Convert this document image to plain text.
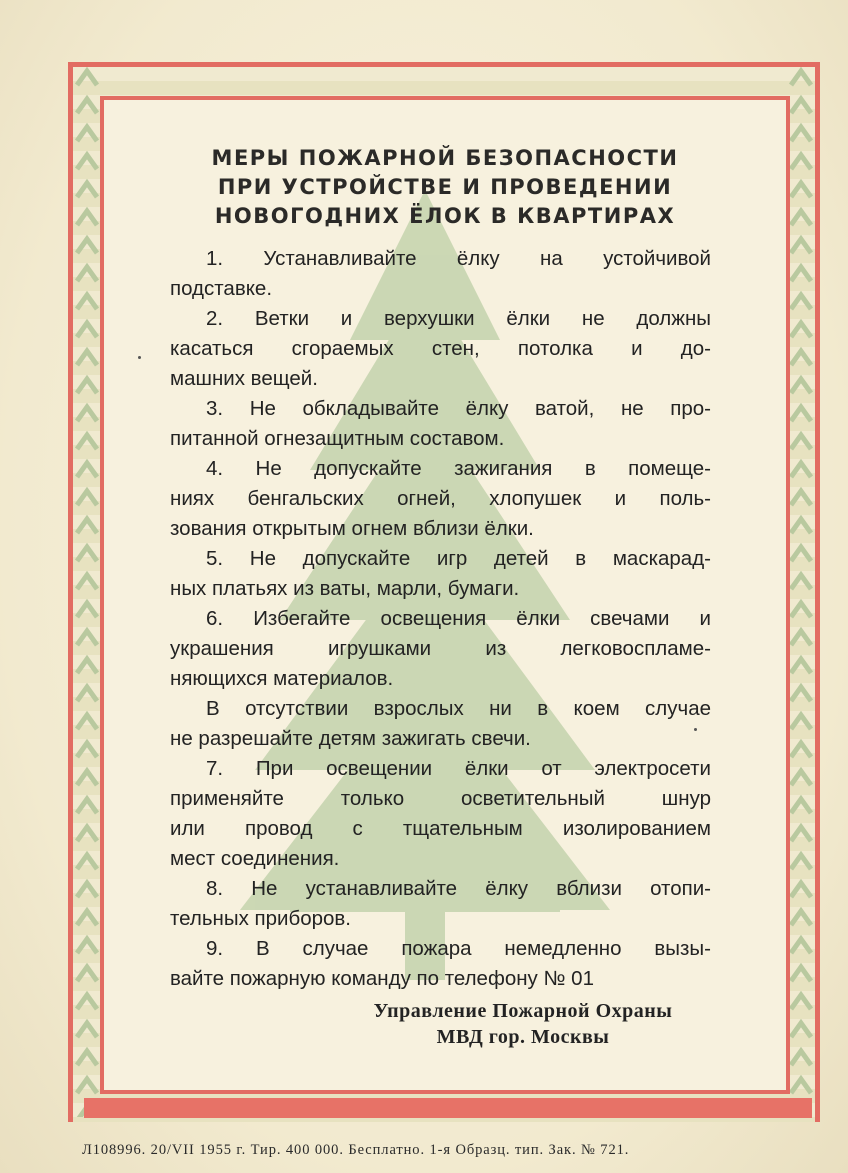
МЕРЫ ПОЖАРНОЙ БЕЗОПАСНОСТИ
ПРИ УСТРОЙСТВЕ И ПРОВЕДЕНИИ
НОВОГОДНИХ ЁЛОК В КВАРТИРАХ
1. Устанавливайте ёлку на устойчивой
подставке.
2. Ветки и верхушки ёлки не должны
касаться сгораемых стен, потолка и до-
машних вещей.
3. Не обкладывайте ёлку ватой, не про-
питанной огнезащитным составом.
4. Не допускайте зажигания в помеще-
ниях бенгальских огней, хлопушек и поль-
зования открытым огнем вблизи ёлки.
5. Не допускайте игр детей в маскарад-
ных платьях из ваты, марли, бумаги.
6. Избегайте освещения ёлки свечами и
украшения игрушками из легковоспламе-
няющихся материалов.
В отсутствии взрослых ни в коем случае
не разрешайте детям зажигать свечи.
7. При освещении ёлки от электросети
применяйте только осветительный шнур
или провод с тщательным изолированием
мест соединения.
8. Не устанавливайте ёлку вблизи отопи-
тельных приборов.
9. В случае пожара немедленно вызы-
вайте пожарную команду по телефону № 01
Управление Пожарной Охраны
МВД гор. Москвы
Л108996. 20/VII 1955 г. Тир. 400 000. Бесплатно. 1-я Образц. тип. Зак. № 721.
